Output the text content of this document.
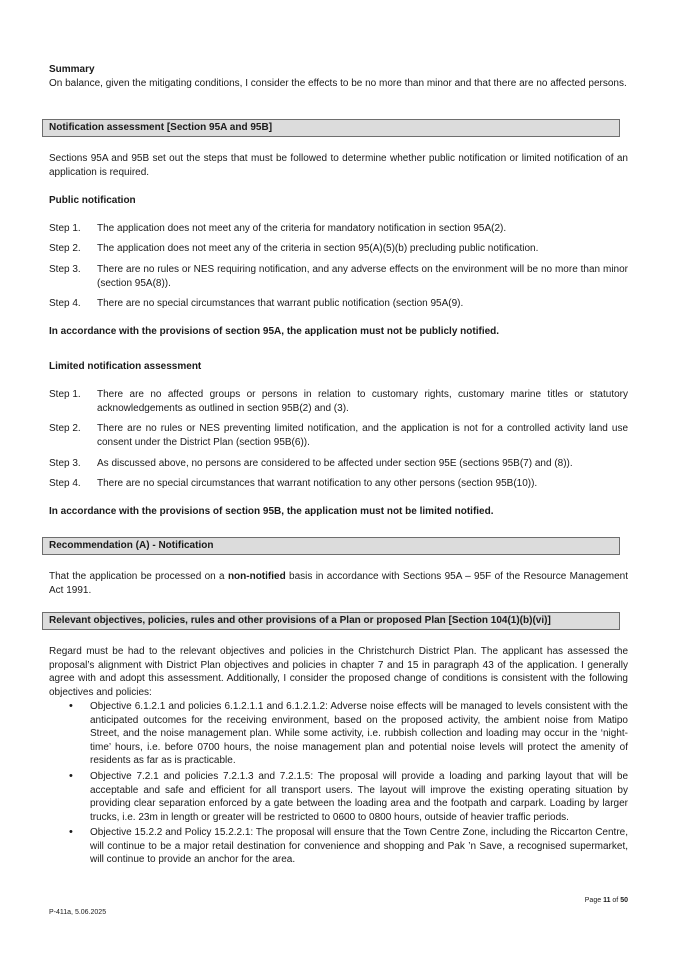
Summary
On balance, given the mitigating conditions, I consider the effects to be no more than minor and that there are no affected persons.
Notification assessment [Section 95A and 95B]
Sections 95A and 95B set out the steps that must be followed to determine whether public notification or limited notification of an application is required.
Public notification
Step 1.	The application does not meet any of the criteria for mandatory notification in section 95A(2).
Step 2.	The application does not meet any of the criteria in section 95(A)(5)(b) precluding public notification.
Step 3.	There are no rules or NES requiring notification, and any adverse effects on the environment will be no more than minor (section 95A(8)).
Step 4.	There are no special circumstances that warrant public notification (section 95A(9).
In accordance with the provisions of section 95A, the application must not be publicly notified.
Limited notification assessment
Step 1.	There are no affected groups or persons in relation to customary rights, customary marine titles or statutory acknowledgements as outlined in section 95B(2) and (3).
Step 2.	There are no rules or NES preventing limited notification, and the application is not for a controlled activity land use consent under the District Plan (section 95B(6)).
Step 3.	As discussed above, no persons are considered to be affected under section 95E (sections 95B(7) and (8)).
Step 4.	There are no special circumstances that warrant notification to any other persons (section 95B(10)).
In accordance with the provisions of section 95B, the application must not be limited notified.
Recommendation (A) - Notification
That the application be processed on a non-notified basis in accordance with Sections 95A – 95F of the Resource Management Act 1991.
Relevant objectives, policies, rules and other provisions of a Plan or proposed Plan [Section 104(1)(b)(vi)]
Regard must be had to the relevant objectives and policies in the Christchurch District Plan. The applicant has assessed the proposal’s alignment with District Plan objectives and policies in chapter 7 and 15 in paragraph 43 of the application. I generally agree with and adopt this assessment. Additionally, I consider the proposed change of conditions is consistent with the following objectives and policies:
•	Objective 6.1.2.1 and policies 6.1.2.1.1 and 6.1.2.1.2: Adverse noise effects will be managed to levels consistent with the anticipated outcomes for the receiving environment, based on the proposed activity, the ambient noise from Matipo Street, and the noise management plan. While some activity, i.e. rubbish collection and loading may occur in the ‘night-time’ hours, i.e. before 0700 hours, the noise management plan and potential noise levels will protect the amenity of residents as far as is practicable.
•	Objective 7.2.1 and policies 7.2.1.3 and 7.2.1.5: The proposal will provide a loading and parking layout that will be acceptable and safe and efficient for all transport users. The layout will improve the existing operating situation by providing clear separation enforced by a gate between the loading area and the footpath and carpark. Loading by larger trucks, i.e. 23m in length or greater will be restricted to 0600 to 0800 hours, outside of heavier traffic periods.
•	Objective 15.2.2 and Policy 15.2.2.1: The proposal will ensure that the Town Centre Zone, including the Riccarton Centre, will continue to be a major retail destination for convenience and shopping and Pak ’n Save, a recognised supermarket, will continue to provide an anchor for the area.
Page 11 of 50
P-411a, 5.06.2025
